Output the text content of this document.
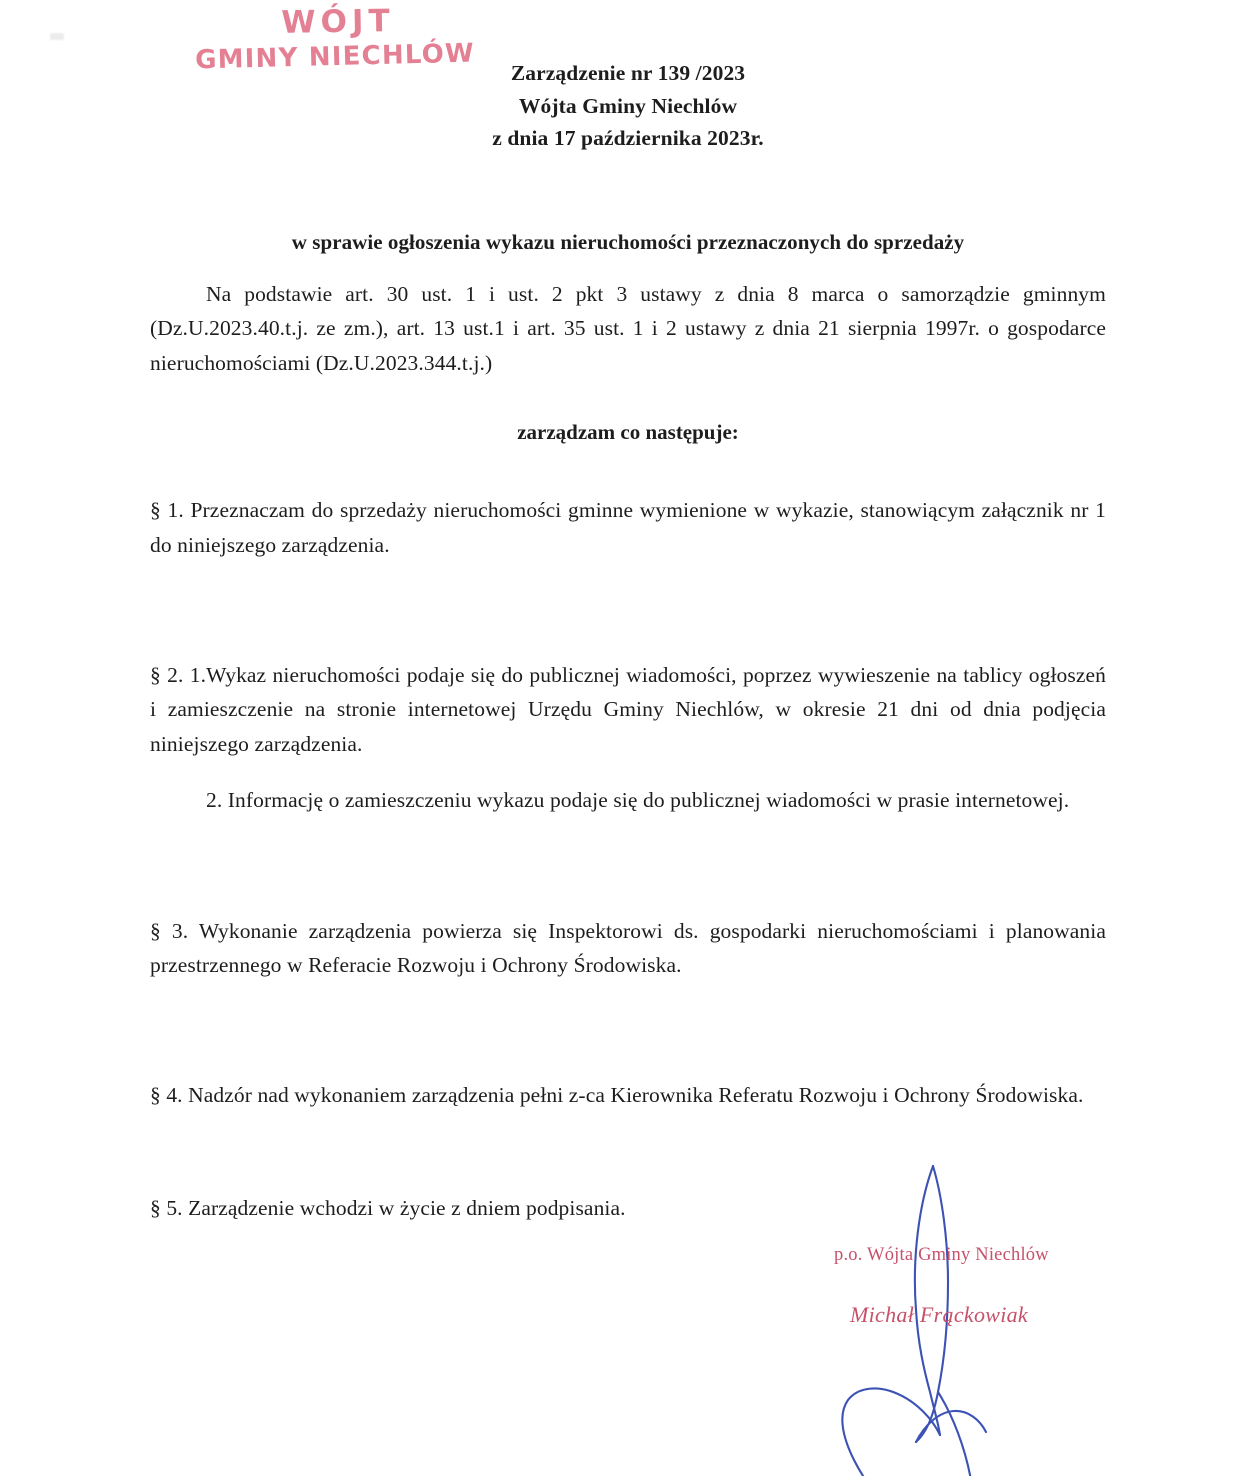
WÓJT
GMINY NIECHLÓW	Zarządzenie nr 139 /2023
Wójta Gminy Niechlów
z dnia 17 października 2023r.
w sprawie ogłoszenia wykazu nieruchomości przeznaczonych do sprzedaży
Na podstawie art. 30 ust. 1 i ust. 2 pkt 3 ustawy z dnia 8 marca o samorządzie gminnym (Dz.U.2023.40.t.j. ze zm.), art. 13 ust.1 i art. 35 ust. 1 i 2 ustawy z dnia 21 sierpnia 1997r. o gospodarce nieruchomościami (Dz.U.2023.344.t.j.)
zarządzam co następuje:
§ 1. Przeznaczam do sprzedaży nieruchomości gminne wymienione w wykazie, stanowiącym załącznik nr 1 do niniejszego zarządzenia.
§ 2. 1.Wykaz nieruchomości podaje się do publicznej wiadomości, poprzez wywieszenie na tablicy ogłoszeń i zamieszczenie na stronie internetowej Urzędu Gminy Niechlów, w okresie 21 dni od dnia podjęcia niniejszego zarządzenia.
2. Informację o zamieszczeniu wykazu podaje się do publicznej wiadomości w prasie internetowej.
§ 3. Wykonanie zarządzenia powierza się Inspektorowi ds. gospodarki nieruchomościami i planowania przestrzennego w Referacie Rozwoju i Ochrony Środowiska.
§ 4. Nadzór nad wykonaniem zarządzenia pełni z-ca Kierownika Referatu Rozwoju i Ochrony Środowiska.
§ 5. Zarządzenie wchodzi w życie z dniem podpisania.
p.o. Wójta Gminy Niechlów
Michał Frąckowiak
